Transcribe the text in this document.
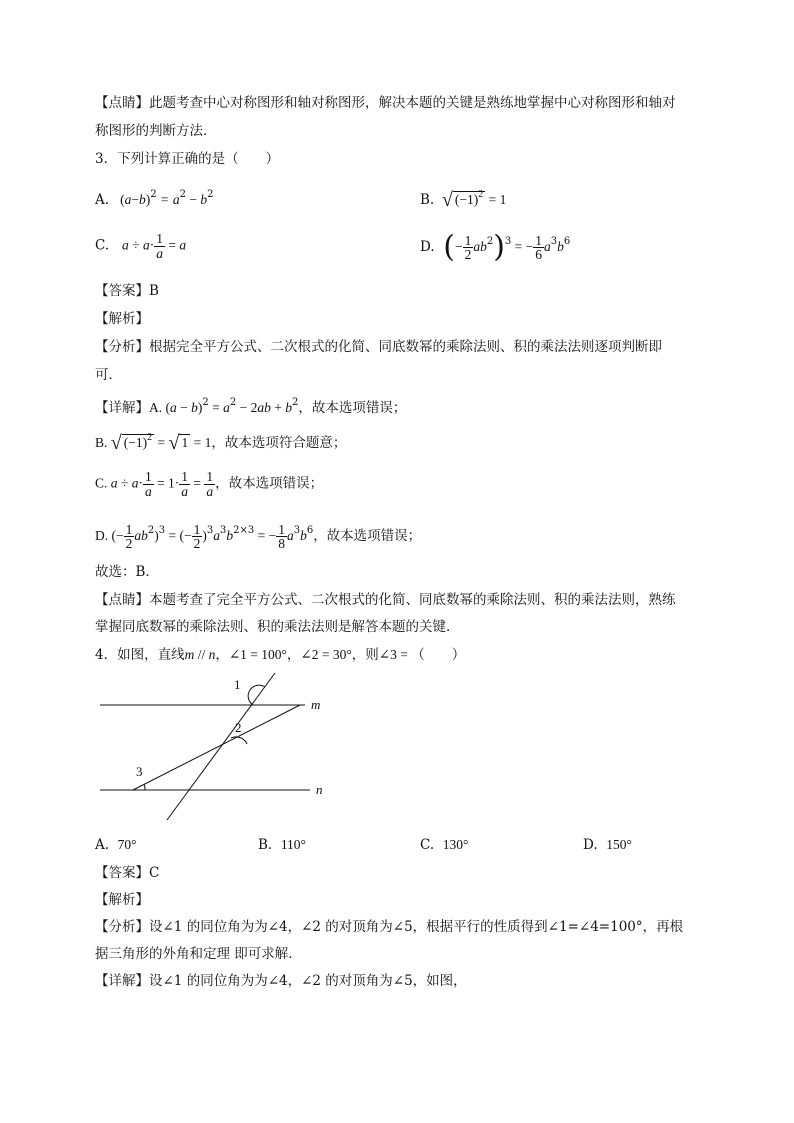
【点睛】此题考查中心对称图形和轴对称图形，解决本题的关键是熟练地掌握中心对称图形和轴对
称图形的判断方法．
3．下列计算正确的是（　　）
A.   $(a-b)^2 = a^2 - b^2$	B. √ $(-1)^2 = 1$
C. $a \div a\cdot \frac{1}{a} = a$	D. (− $\frac{1}{2} ab^2)^3$ = − $\frac{1}{6} a^3b^6$
【答案】B
【解析】
【分析】根据完全平方公式、二次根式的化简、同底数幂的乘除法则、积的乘法法则逐项判断即
可．
【详解】A. $(a - b)^2 = a^2 - 2ab + b^2$，故本选项错误；
B. √ $(-1)^2$ = √ 1 = 1，故本选项符合题意；
C. $a \div a\cdot \frac{1}{a} = 1\cdot \frac{1}{a} = \frac{1}{a}$ ，故本选项错误；
D. (− $\frac{1}{2} ab^2)^3$ = (− $\frac{1}{2} )^3a^3b^{2\times 3}$ = − $\frac{1}{8} a^3b^6$，故本选项错误；
故选：B．
【点睛】本题考查了完全平方公式、二次根式的化简、同底数幂的乘除法则、积的乘法法则，熟练
掌握同底数幂的乘除法则、积的乘法法则是解答本题的关键．
4．如图，直线m // n，∠1 = 100°，∠2 = 30°，则∠3 = （　　）
1
2
3
m
n
A. 70°	B. 110°	C. 130°	D. 150°
【答案】C
【解析】
【分析】设∠1 的同位角为为∠4，∠2 的对顶角为∠5，根据平行的性质得到∠1=∠4=100°，再根
据三角形的外角和定理 即可求解．
【详解】设∠1 的同位角为为∠4，∠2 的对顶角为∠5，如图，
